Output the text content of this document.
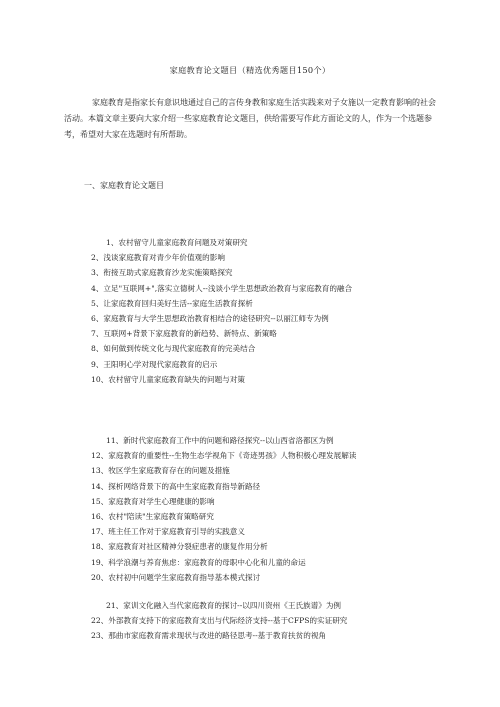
家庭教育论文题目（精选优秀题目150个）

家庭教育是指家长有意识地通过自己的言传身教和家庭生活实践来对子女施以一定教育影响的社会活动。本篇文章主要向大家介绍一些家庭教育论文题目，供给需要写作此方面论文的人，作为一个选题参考，希望对大家在选题时有所帮助。

一、家庭教育论文题目
1、农村留守儿童家庭教育问题及对策研究
2、浅谈家庭教育对青少年价值观的影响
3、衔接互助式家庭教育沙龙实施策略探究
4、立足"互联网+",落实立德树人--浅谈小学生思想政治教育与家庭教育的融合
5、让家庭教育回归美好生活--家庭生活教育探析
6、家庭教育与大学生思想政治教育相结合的途径研究--以丽江师专为例
7、互联网+背景下家庭教育的新趋势、新特点、新策略
8、如何做到传统文化与现代家庭教育的完美结合
9、王阳明心学对现代家庭教育的启示
10、农村留守儿童家庭教育缺失的问题与对策
11、新时代家庭教育工作中的问题和路径探究--以山西省洛都区为例
12、家庭教育的重要性--生物生态学视角下《奇迹男孩》人物积极心理发展解读
13、牧区学生家庭教育存在的问题及措施
14、探析网络背景下的高中生家庭教育指导新路径
15、家庭教育对学生心理健康的影响
16、农村"陪读"生家庭教育策略研究
17、班主任工作对于家庭教育引导的实践意义
18、家庭教育对社区精神分裂症患者的康复作用分析
19、科学浪潮与养育焦虑：家庭教育的母职中心化和儿童的命运
20、农村初中问题学生家庭教育指导基本模式探讨
21、家训文化融入当代家庭教育的探讨--以四川资州《王氏族谱》为例
22、外部教育支持下的家庭教育支出与代际经济支持--基于CFPS的实证研究
23、那曲市家庭教育需求现状与改进的路径思考--基于教育扶贫的视角
